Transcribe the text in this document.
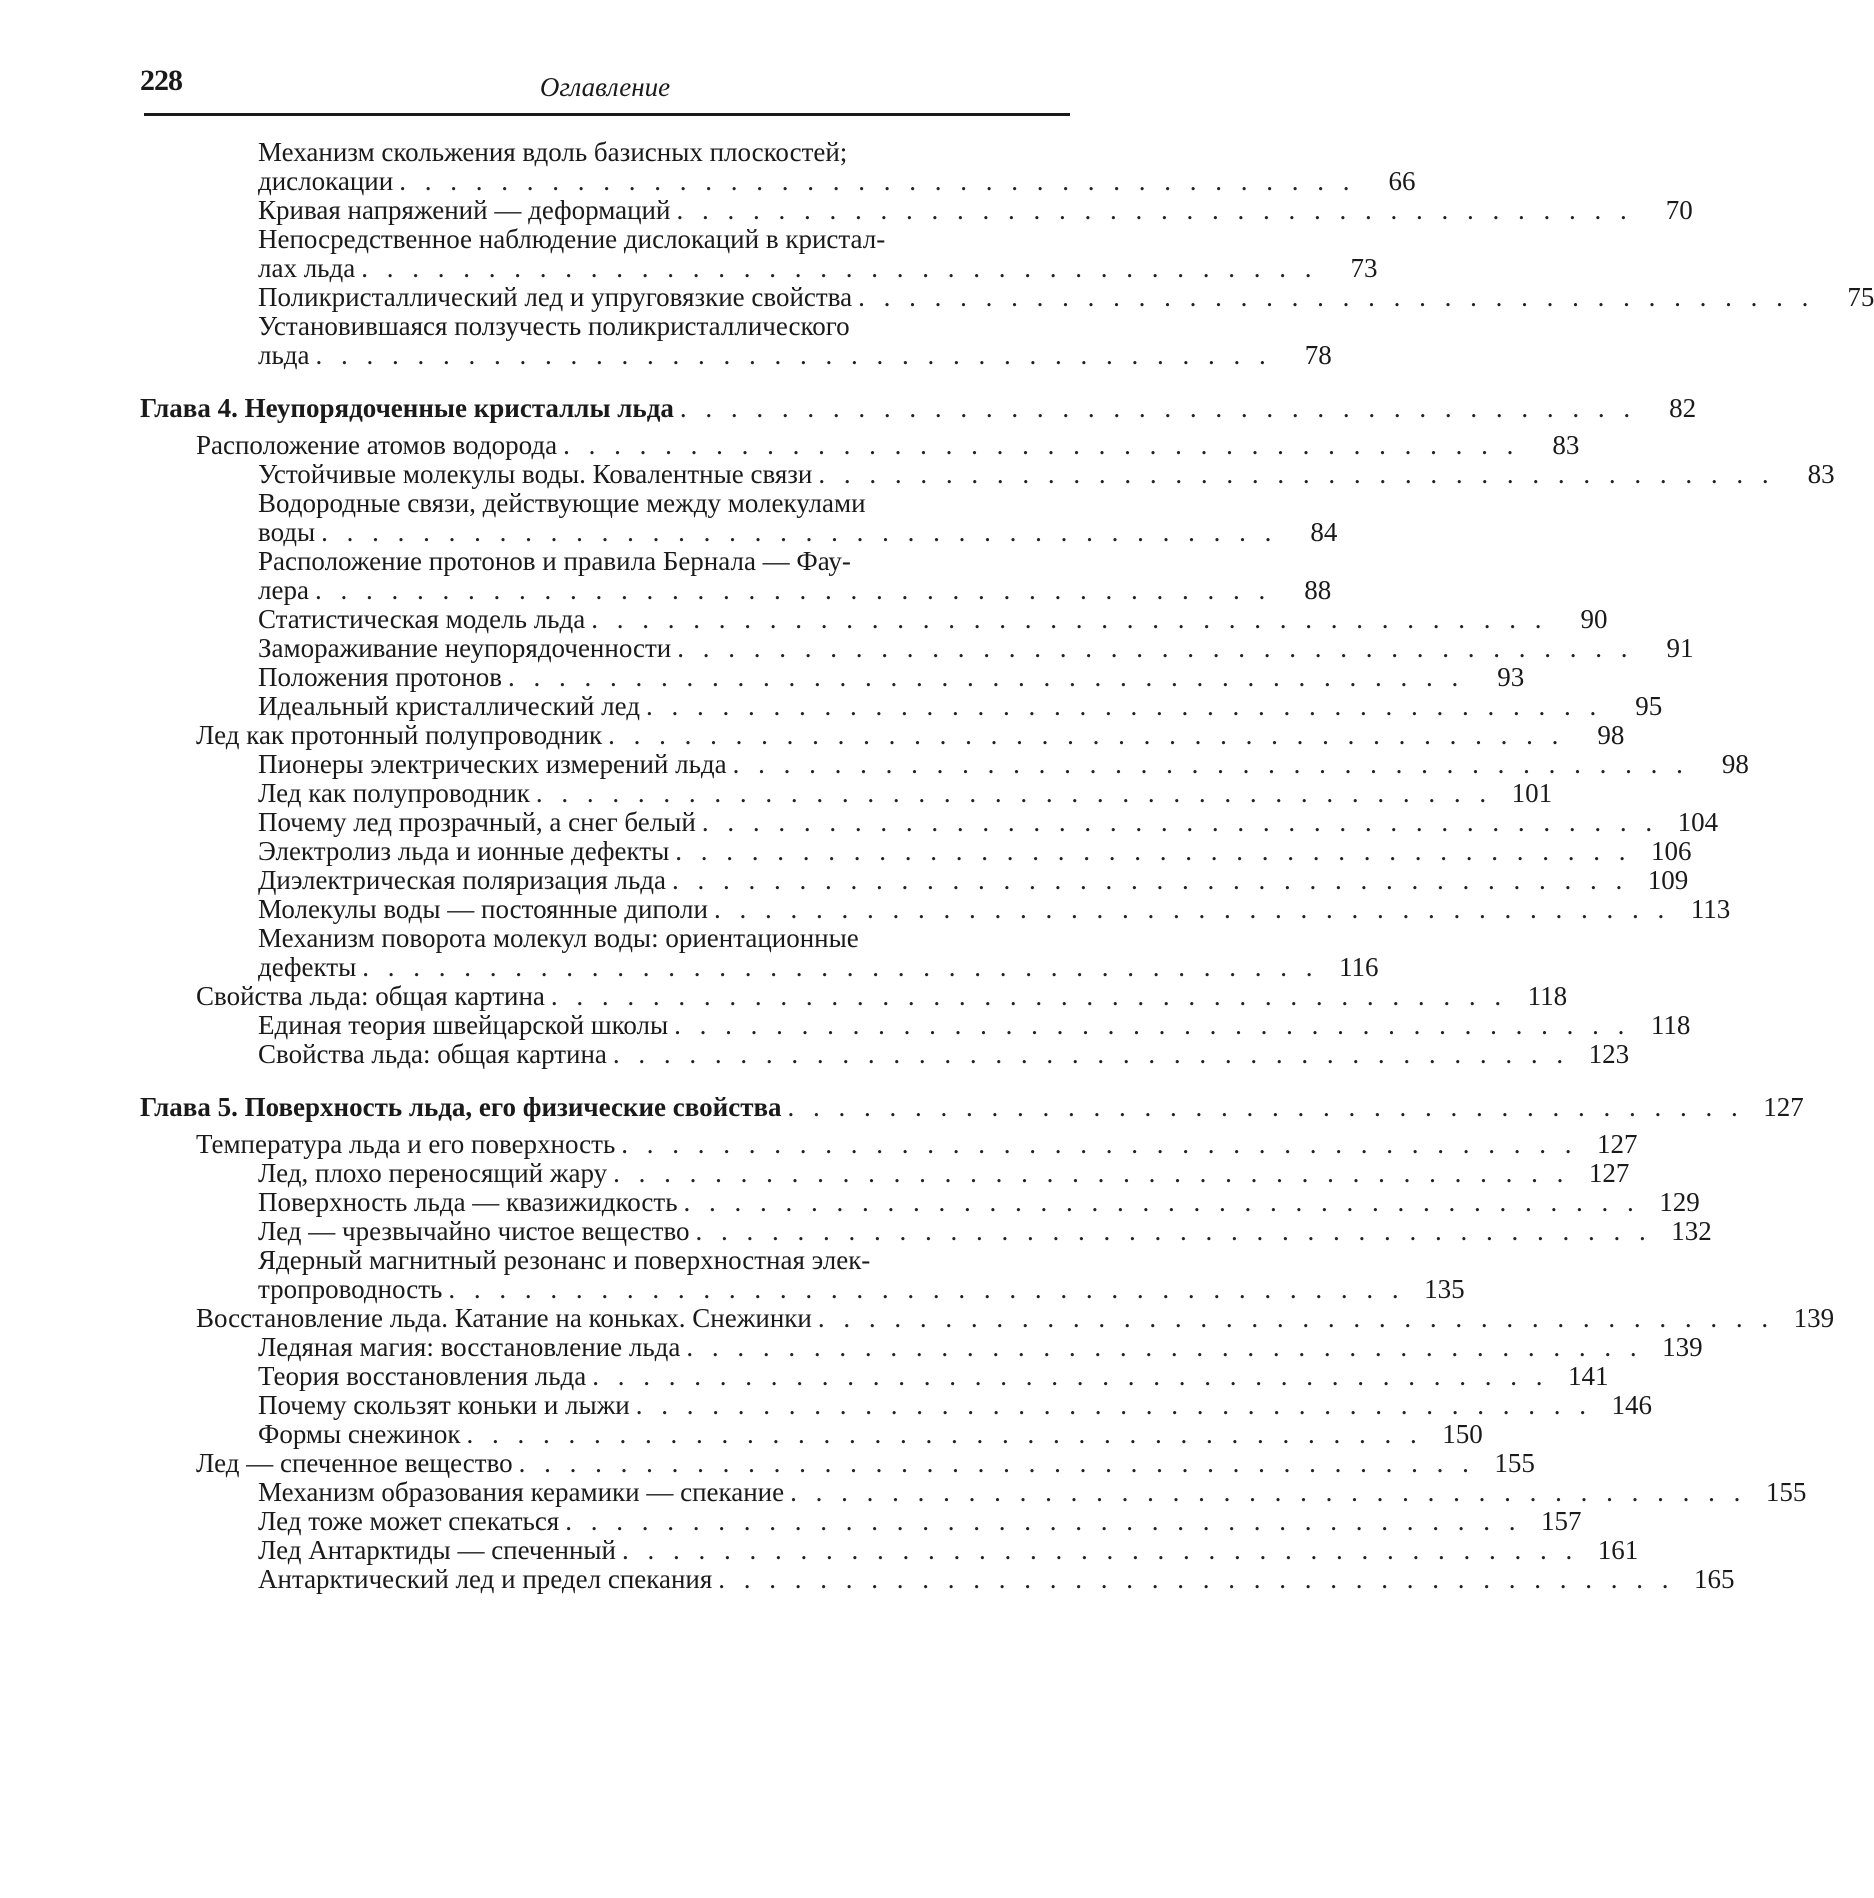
228	Оглавление
Механизм скольжения вдоль базисных плоскостей;
дислокации . . . . . . . . . . . . . . . . . . . . . . . . . . . . . . . . . . . . . .	66
Кривая напряжений — деформаций . . . . . . . . . . . . . . . . . . . . . . . . . . . . . . . . . . . . . .	70
Непосредственное наблюдение дислокаций в кристал-
лах льда . . . . . . . . . . . . . . . . . . . . . . . . . . . . . . . . . . . . . .	73
Поликристаллический лед и упруговязкие свойства . . . . . . . . . . . . . . . . . . . . . . . . . . . . . . . . . . . . . .	75
Установившаяся ползучесть поликристаллического
льда . . . . . . . . . . . . . . . . . . . . . . . . . . . . . . . . . . . . . .	78
Глава 4. Неупорядоченные кристаллы льда . . . . . . . . . . . . . . . . . . . . . . . . . . . . . . . . . . . . . .	82
Расположение атомов водорода . . . . . . . . . . . . . . . . . . . . . . . . . . . . . . . . . . . . . .	83
Устойчивые молекулы воды. Ковалентные связи . . . . . . . . . . . . . . . . . . . . . . . . . . . . . . . . . . . . . .	83
Водородные связи, действующие между молекулами
воды . . . . . . . . . . . . . . . . . . . . . . . . . . . . . . . . . . . . . .	84
Расположение протонов и правила Бернала — Фау-
лера . . . . . . . . . . . . . . . . . . . . . . . . . . . . . . . . . . . . . .	88
Статистическая модель льда . . . . . . . . . . . . . . . . . . . . . . . . . . . . . . . . . . . . . .	90
Замораживание неупорядоченности . . . . . . . . . . . . . . . . . . . . . . . . . . . . . . . . . . . . . .	91
Положения протонов . . . . . . . . . . . . . . . . . . . . . . . . . . . . . . . . . . . . . .	93
Идеальный кристаллический лед . . . . . . . . . . . . . . . . . . . . . . . . . . . . . . . . . . . . . .	95
Лед как протонный полупроводник . . . . . . . . . . . . . . . . . . . . . . . . . . . . . . . . . . . . . .	98
Пионеры электрических измерений льда . . . . . . . . . . . . . . . . . . . . . . . . . . . . . . . . . . . . . .	98
Лед как полупроводник . . . . . . . . . . . . . . . . . . . . . . . . . . . . . . . . . . . . . . 101
Почему лед прозрачный, а снег белый . . . . . . . . . . . . . . . . . . . . . . . . . . . . . . . . . . . . . . 104
Электролиз льда и ионные дефекты . . . . . . . . . . . . . . . . . . . . . . . . . . . . . . . . . . . . . . 106
Диэлектрическая поляризация льда . . . . . . . . . . . . . . . . . . . . . . . . . . . . . . . . . . . . . . 109
Молекулы воды — постоянные диполи . . . . . . . . . . . . . . . . . . . . . . . . . . . . . . . . . . . . . . 113
Механизм поворота молекул воды: ориентационные
дефекты . . . . . . . . . . . . . . . . . . . . . . . . . . . . . . . . . . . . . . 116
Свойства льда: общая картина . . . . . . . . . . . . . . . . . . . . . . . . . . . . . . . . . . . . . . 118
Единая теория швейцарской школы . . . . . . . . . . . . . . . . . . . . . . . . . . . . . . . . . . . . . . 118
Свойства льда: общая картина . . . . . . . . . . . . . . . . . . . . . . . . . . . . . . . . . . . . . . 123
Глава 5. Поверхность льда, его физические свойства . . . . . . . . . . . . . . . . . . . . . . . . . . . . . . . . . . . . . . 127
Температура льда и его поверхность . . . . . . . . . . . . . . . . . . . . . . . . . . . . . . . . . . . . . . 127
Лед, плохо переносящий жару . . . . . . . . . . . . . . . . . . . . . . . . . . . . . . . . . . . . . . 127
Поверхность льда — квазижидкость . . . . . . . . . . . . . . . . . . . . . . . . . . . . . . . . . . . . . . 129
Лед — чрезвычайно чистое вещество . . . . . . . . . . . . . . . . . . . . . . . . . . . . . . . . . . . . . . 132
Ядерный магнитный резонанс и поверхностная элек-
тропроводность . . . . . . . . . . . . . . . . . . . . . . . . . . . . . . . . . . . . . . 135
Восстановление льда. Катание на коньках. Снежинки . . . . . . . . . . . . . . . . . . . . . . . . . . . . . . . . . . . . . . 139
Ледяная магия: восстановление льда . . . . . . . . . . . . . . . . . . . . . . . . . . . . . . . . . . . . . . 139
Теория восстановления льда . . . . . . . . . . . . . . . . . . . . . . . . . . . . . . . . . . . . . . 141
Почему скользят коньки и лыжи . . . . . . . . . . . . . . . . . . . . . . . . . . . . . . . . . . . . . . 146
Формы снежинок . . . . . . . . . . . . . . . . . . . . . . . . . . . . . . . . . . . . . . 150
Лед — спеченное вещество . . . . . . . . . . . . . . . . . . . . . . . . . . . . . . . . . . . . . . 155
Механизм образования керамики — спекание . . . . . . . . . . . . . . . . . . . . . . . . . . . . . . . . . . . . . . 155
Лед тоже может спекаться . . . . . . . . . . . . . . . . . . . . . . . . . . . . . . . . . . . . . . 157
Лед Антарктиды — спеченный . . . . . . . . . . . . . . . . . . . . . . . . . . . . . . . . . . . . . . 161
Антарктический лед и предел спекания . . . . . . . . . . . . . . . . . . . . . . . . . . . . . . . . . . . . . . 165
